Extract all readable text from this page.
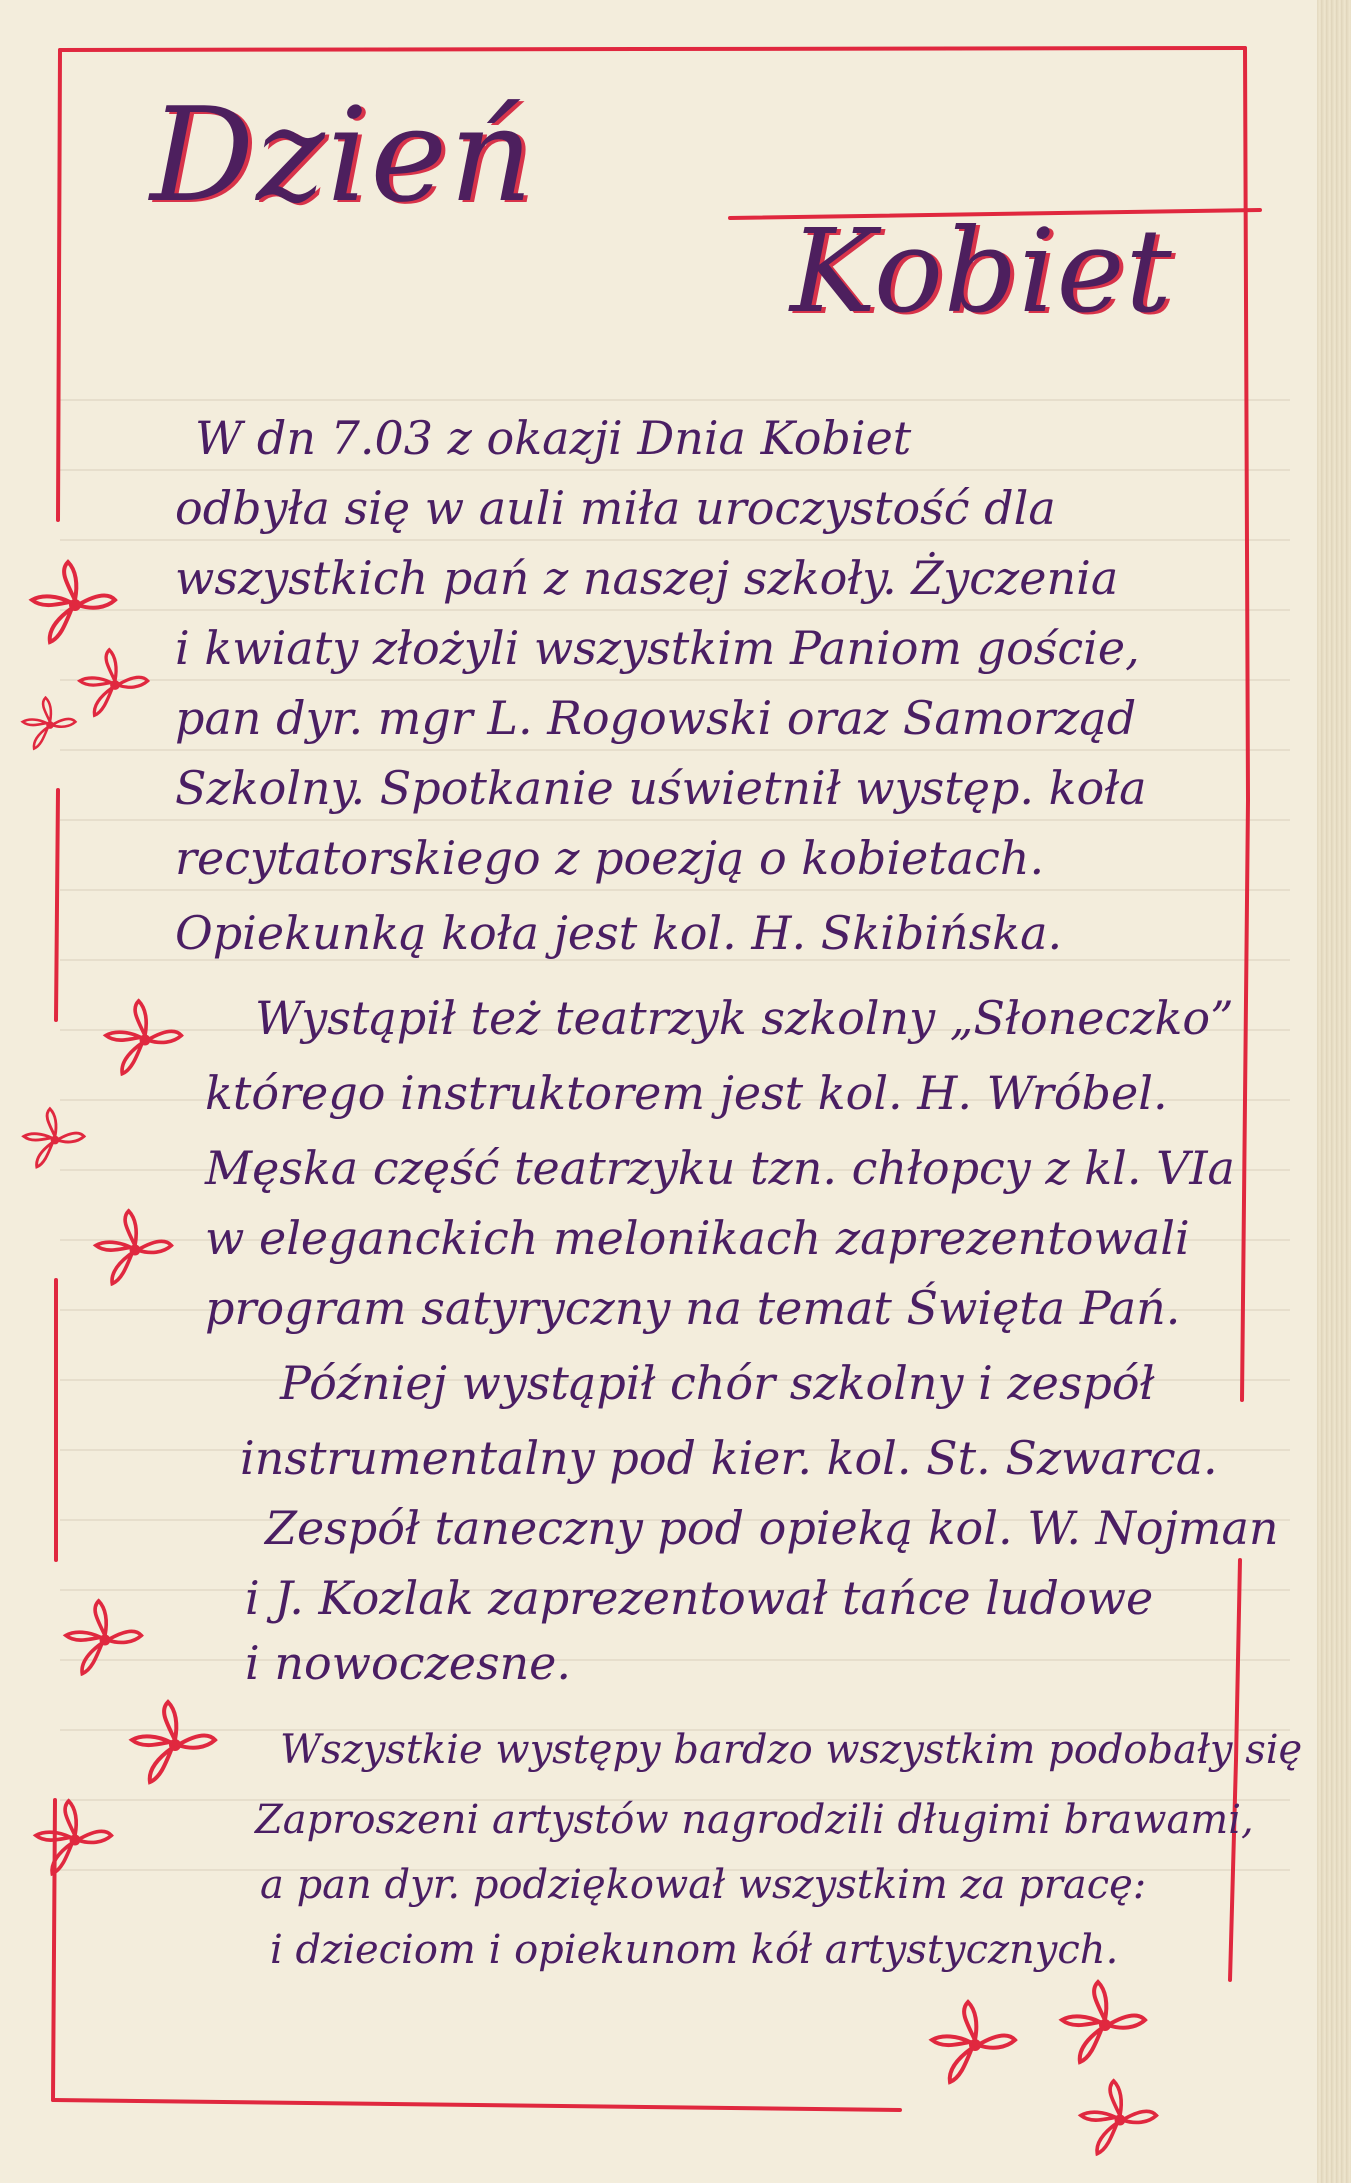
Dzień
Kobiet
W dn 7.03 z okazji Dnia Kobiet
odbyła się w auli miła uroczystość dla
wszystkich pań z naszej szkoły. Życzenia
i kwiaty złożyli wszystkim Paniom goście,
pan dyr. mgr L. Rogowski oraz Samorząd
Szkolny. Spotkanie uświetnił występ. koła
recytatorskiego z poezją o kobietach.
Opiekunką koła jest kol. H. Skibińska.
Wystąpił też teatrzyk szkolny „Słoneczko”
którego instruktorem jest kol. H. Wróbel.
Męska część teatrzyku tzn. chłopcy z kl. VIa
w eleganckich melonikach zaprezentowali
program satyryczny na temat Święta Pań.
Później wystąpił chór szkolny i zespół
instrumentalny pod kier. kol. St. Szwarca.
Zespół taneczny pod opieką kol. W. Nojman
i J. Kozlak zaprezentował tańce ludowe
i nowoczesne.
Wszystkie występy bardzo wszystkim podobały się
Zaproszeni artystów nagrodzili długimi brawami,
a pan dyr. podziękował wszystkim za pracę:
i dzieciom i opiekunom kół artystycznych.
